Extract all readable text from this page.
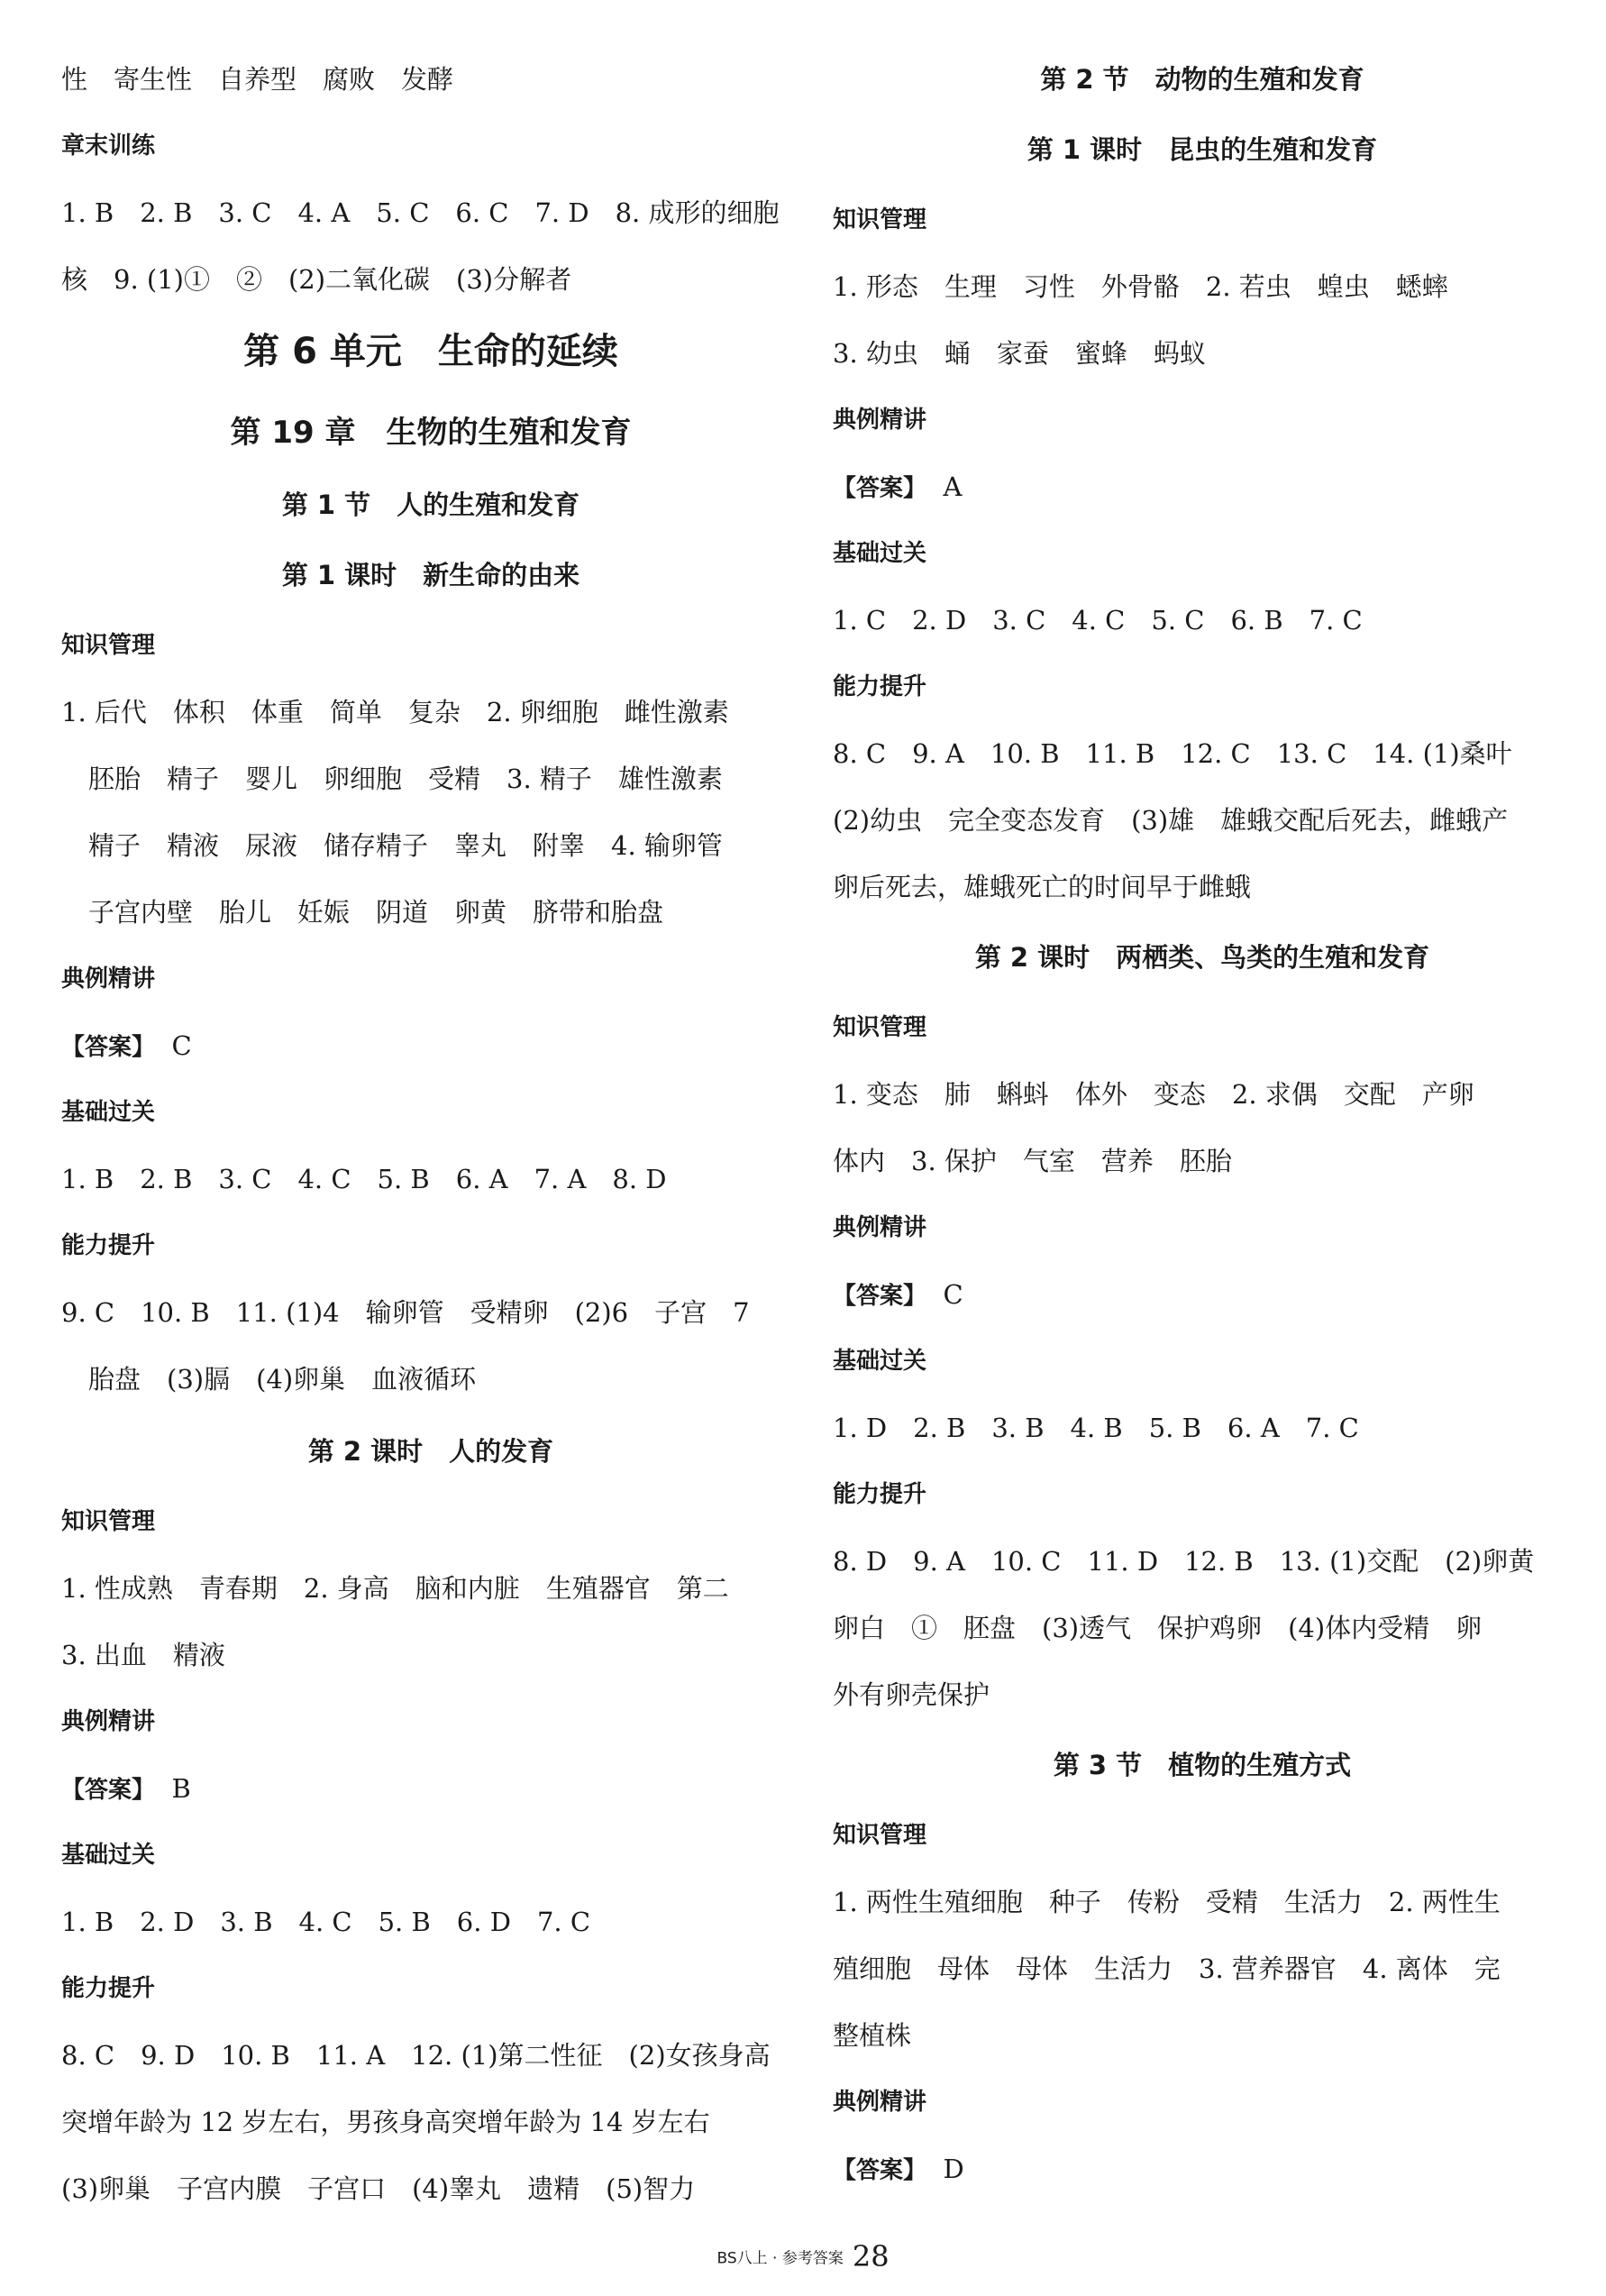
性　寄生性　自养型　腐败　发酵
章末训练
1. B　2. B　3. C　4. A　5. C　6. C　7. D　8. 成形的细胞
核　9. (1)①　②　(2)二氧化碳　(3)分解者
第 6 单元　生命的延续
第 19 章　生物的生殖和发育
第 1 节　人的生殖和发育
第 1 课时　新生命的由来
知识管理
1. 后代　体积　体重　简单　复杂　2. 卵细胞　雌性激素
胚胎　精子　婴儿　卵细胞　受精　3. 精子　雄性激素
精子　精液　尿液　储存精子　睾丸　附睾　4. 输卵管
子宫内壁　胎儿　妊娠　阴道　卵黄　脐带和胎盘
典例精讲
【答案】 C
基础过关
1. B　2. B　3. C　4. C　5. B　6. A　7. A　8. D
能力提升
9. C　10. B　11. (1)4　输卵管　受精卵　(2)6　子宫　7
胎盘　(3)膈　(4)卵巢　血液循环
第 2 课时　人的发育
知识管理
1. 性成熟　青春期　2. 身高　脑和内脏　生殖器官　第二
3. 出血　精液
典例精讲
【答案】 B
基础过关
1. B　2. D　3. B　4. C　5. B　6. D　7. C
能力提升
8. C　9. D　10. B　11. A　12. (1)第二性征　(2)女孩身高
突增年龄为 12 岁左右，男孩身高突增年龄为 14 岁左右
(3)卵巢　子宫内膜　子宫口　(4)睾丸　遗精　(5)智力
第 2 节　动物的生殖和发育
第 1 课时　昆虫的生殖和发育
知识管理
1. 形态　生理　习性　外骨骼　2. 若虫　蝗虫　蟋蟀
3. 幼虫　蛹　家蚕　蜜蜂　蚂蚁
典例精讲
【答案】 A
基础过关
1. C　2. D　3. C　4. C　5. C　6. B　7. C
能力提升
8. C　9. A　10. B　11. B　12. C　13. C　14. (1)桑叶
(2)幼虫　完全变态发育　(3)雄　雄蛾交配后死去，雌蛾产
卵后死去，雄蛾死亡的时间早于雌蛾
第 2 课时　两栖类、鸟类的生殖和发育
知识管理
1. 变态　肺　蝌蚪　体外　变态　2. 求偶　交配　产卵
体内　3. 保护　气室　营养　胚胎
典例精讲
【答案】 C
基础过关
1. D　2. B　3. B　4. B　5. B　6. A　7. C
能力提升
8. D　9. A　10. C　11. D　12. B　13. (1)交配　(2)卵黄
卵白　①　胚盘　(3)透气　保护鸡卵　(4)体内受精　卵
外有卵壳保护
第 3 节　植物的生殖方式
知识管理
1. 两性生殖细胞　种子　传粉　受精　生活力　2. 两性生
殖细胞　母体　母体　生活力　3. 营养器官　4. 离体　完
整植株
典例精讲
【答案】 D
BS八上 · 参考答案 28
